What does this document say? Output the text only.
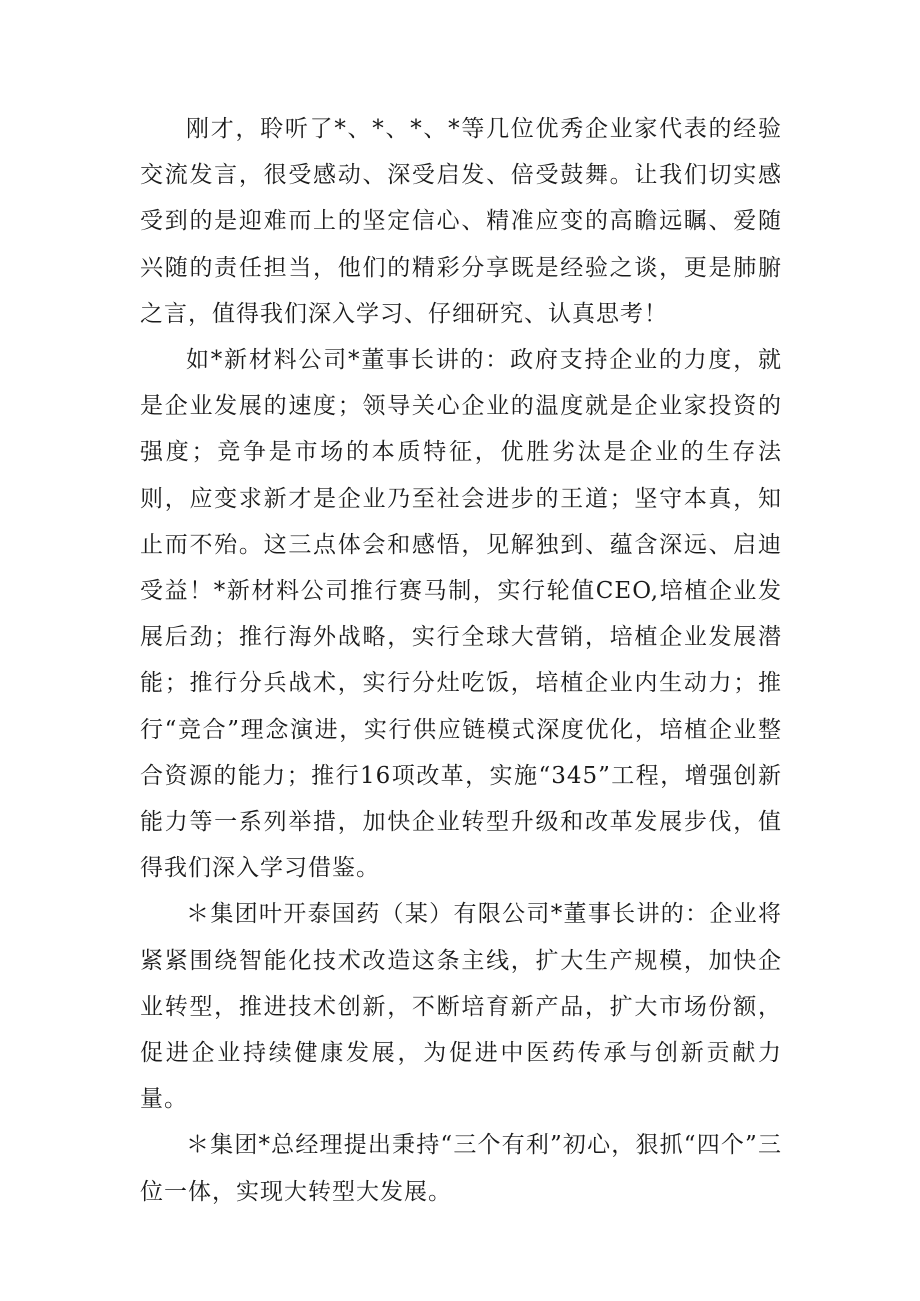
刚才，聆听了*、*、*、*等几位优秀企业家代表的经验交流发言，很受感动、深受启发、倍受鼓舞。让我们切实感受到的是迎难而上的坚定信心、精准应变的高瞻远瞩、爱随兴随的责任担当，他们的精彩分享既是经验之谈，更是肺腑之言，值得我们深入学习、仔细研究、认真思考！

如*新材料公司*董事长讲的：政府支持企业的力度，就是企业发展的速度；领导关心企业的温度就是企业家投资的强度；竞争是市场的本质特征，优胜劣汰是企业的生存法则，应变求新才是企业乃至社会进步的王道；坚守本真，知止而不殆。这三点体会和感悟，见解独到、蕴含深远、启迪受益！*新材料公司推行赛马制，实行轮值CEO,培植企业发展后劲；推行海外战略，实行全球大营销，培植企业发展潜能；推行分兵战术，实行分灶吃饭，培植企业内生动力；推行“竞合”理念演进，实行供应链模式深度优化，培植企业整合资源的能力；推行16项改革，实施“345”工程，增强创新能力等一系列举措，加快企业转型升级和改革发展步伐，值得我们深入学习借鉴。

＊集团叶开泰国药（某）有限公司*董事长讲的：企业将紧紧围绕智能化技术改造这条主线，扩大生产规模，加快企业转型，推进技术创新，不断培育新产品，扩大市场份额，促进企业持续健康发展，为促进中医药传承与创新贡献力量。

＊集团*总经理提出秉持“三个有利”初心，狠抓“四个”三位一体，实现大转型大发展。
